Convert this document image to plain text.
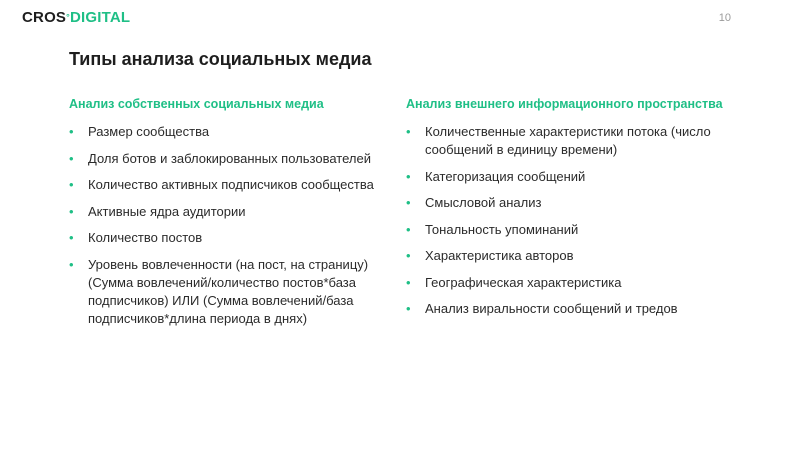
CROS°DIGITAL	10
Типы анализа социальных медиа
Анализ собственных социальных медиа
• Размер сообщества
• Доля ботов и заблокированных пользователей
• Количество активных подписчиков сообщества
• Активные ядра аудитории
• Количество постов
• Уровень вовлеченности (на пост, на страницу) (Сумма вовлечений/количество постов*база подписчиков) ИЛИ (Сумма вовлечений/база подписчиков*длина периода в днях)
Анализ внешнего информационного пространства
• Количественные характеристики потока (число сообщений в единицу времени)
• Категоризация сообщений
• Смысловой анализ
• Тональность упоминаний
• Характеристика авторов
• Географическая характеристика
• Анализ виральности сообщений и тредов
